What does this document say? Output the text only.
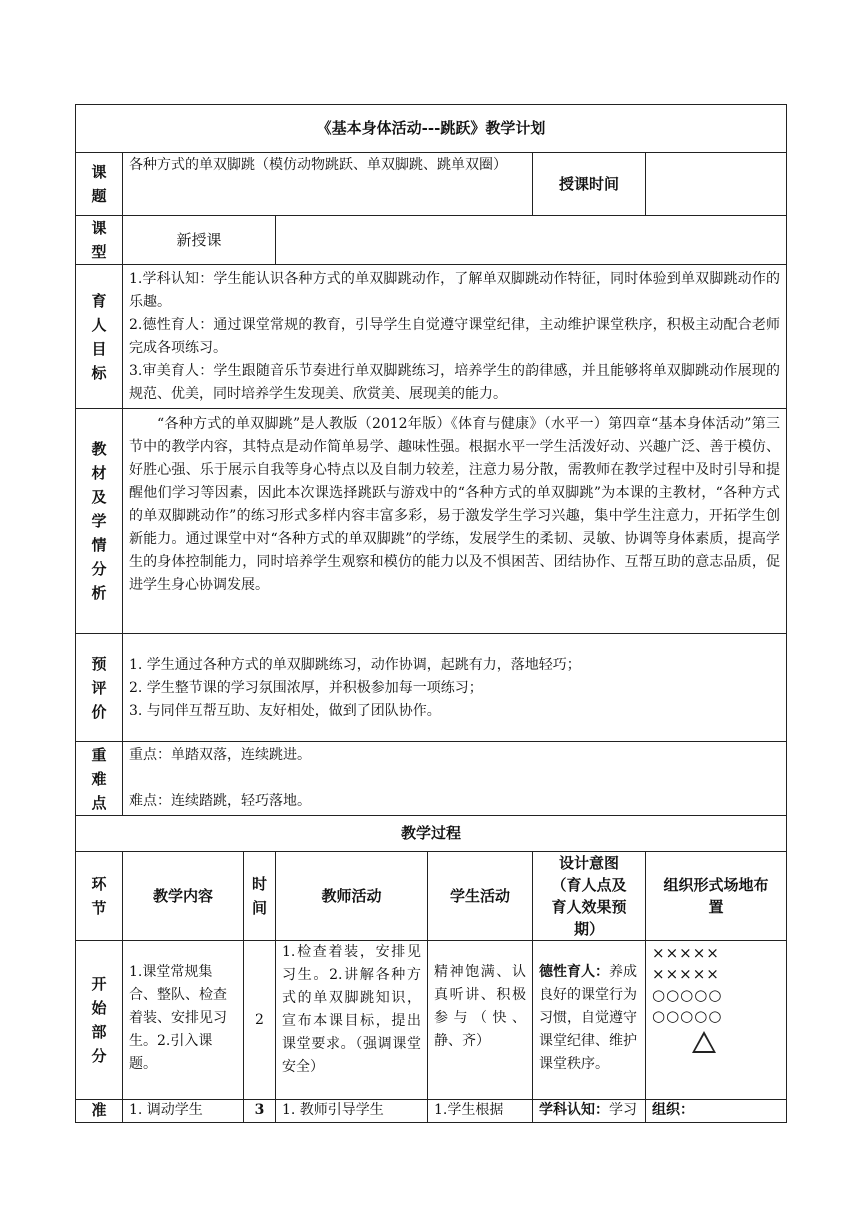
《基本身体活动---跳跃》教学计划						
课题	各种方式的单双脚跳（模仿动物跳跃、单双脚跳、跳单双圈）				授课时间	
课型	新授课					
育人目标	1.学科认知：学生能认识各种方式的单双脚跳动作，了解单双脚跳动作特征，同时体验到单双脚跳动作的乐趣。
2.德性育人：通过课堂常规的教育，引导学生自觉遵守课堂纪律，主动维护课堂秩序，积极主动配合老师完成各项练习。
3.审美育人：学生跟随音乐节奏进行单双脚跳练习，培养学生的韵律感，并且能够将单双脚跳动作展现的规范、优美，同时培养学生发现美、欣赏美、展现美的能力。					

教材及学情分析	“各种方式的单双脚跳”是人教版（2012年版）《体育与健康》（水平一）第四章“基本身体活动”第三节中的教学内容，其特点是动作简单易学、趣味性强。根据水平一学生活泼好动、兴趣广泛、善于模仿、好胜心强、乐于展示自我等身心特点以及自制力较差，注意力易分散，需教师在教学过程中及时引导和提醒他们学习等因素，因此本次课选择跳跃与游戏中的“各种方式的单双脚跳”为本课的主教材，“各种方式的单双脚跳动作”的练习形式多样内容丰富多彩，易于激发学生学习兴趣，集中学生注意力，开拓学生创新能力。通过课堂中对“各种方式的单双脚跳”的学练，发展学生的柔韧、灵敏、协调等身体素质，提高学生的身体控制能力，同时培养学生观察和模仿的能力以及不惧困苦、团结协作、互帮互助的意志品质，促进学生身心协调发展。					
预评价	1. 学生通过各种方式的单双脚跳练习，动作协调，起跳有力，落地轻巧；
2. 学生整节课的学习氛围浓厚，并积极参加每一项练习；
3. 与同伴互帮互助、友好相处，做到了团队协作。					

重难点	重点：单踏双落，连续跳进。
难点：连续踏跳，轻巧落地。					

教学过程						
环节	教学内容	时间	教师活动	学生活动	设计意图（育人点及育人效果预期）	组织形式场地布置
开始部分	1.课堂常规集合、整队、检查着装、安排见习生。2.引入课题。	2	1.检查着装，安排见习生。2.讲解各种方式的单双脚跳知识，宣布本课目标，提出课堂要求。（强调课堂安全）	精神饱满、认真听讲、积极参与（快、静、齐）	德性育人：养成良好的课堂行为习惯，自觉遵守课堂纪律、维护课堂秩序。	×××××
×××××
○○○○○
○○○○○

准	1. 调动学生	3	1. 教师引导学生	1.学生根据	学科认知：学习	组织：
